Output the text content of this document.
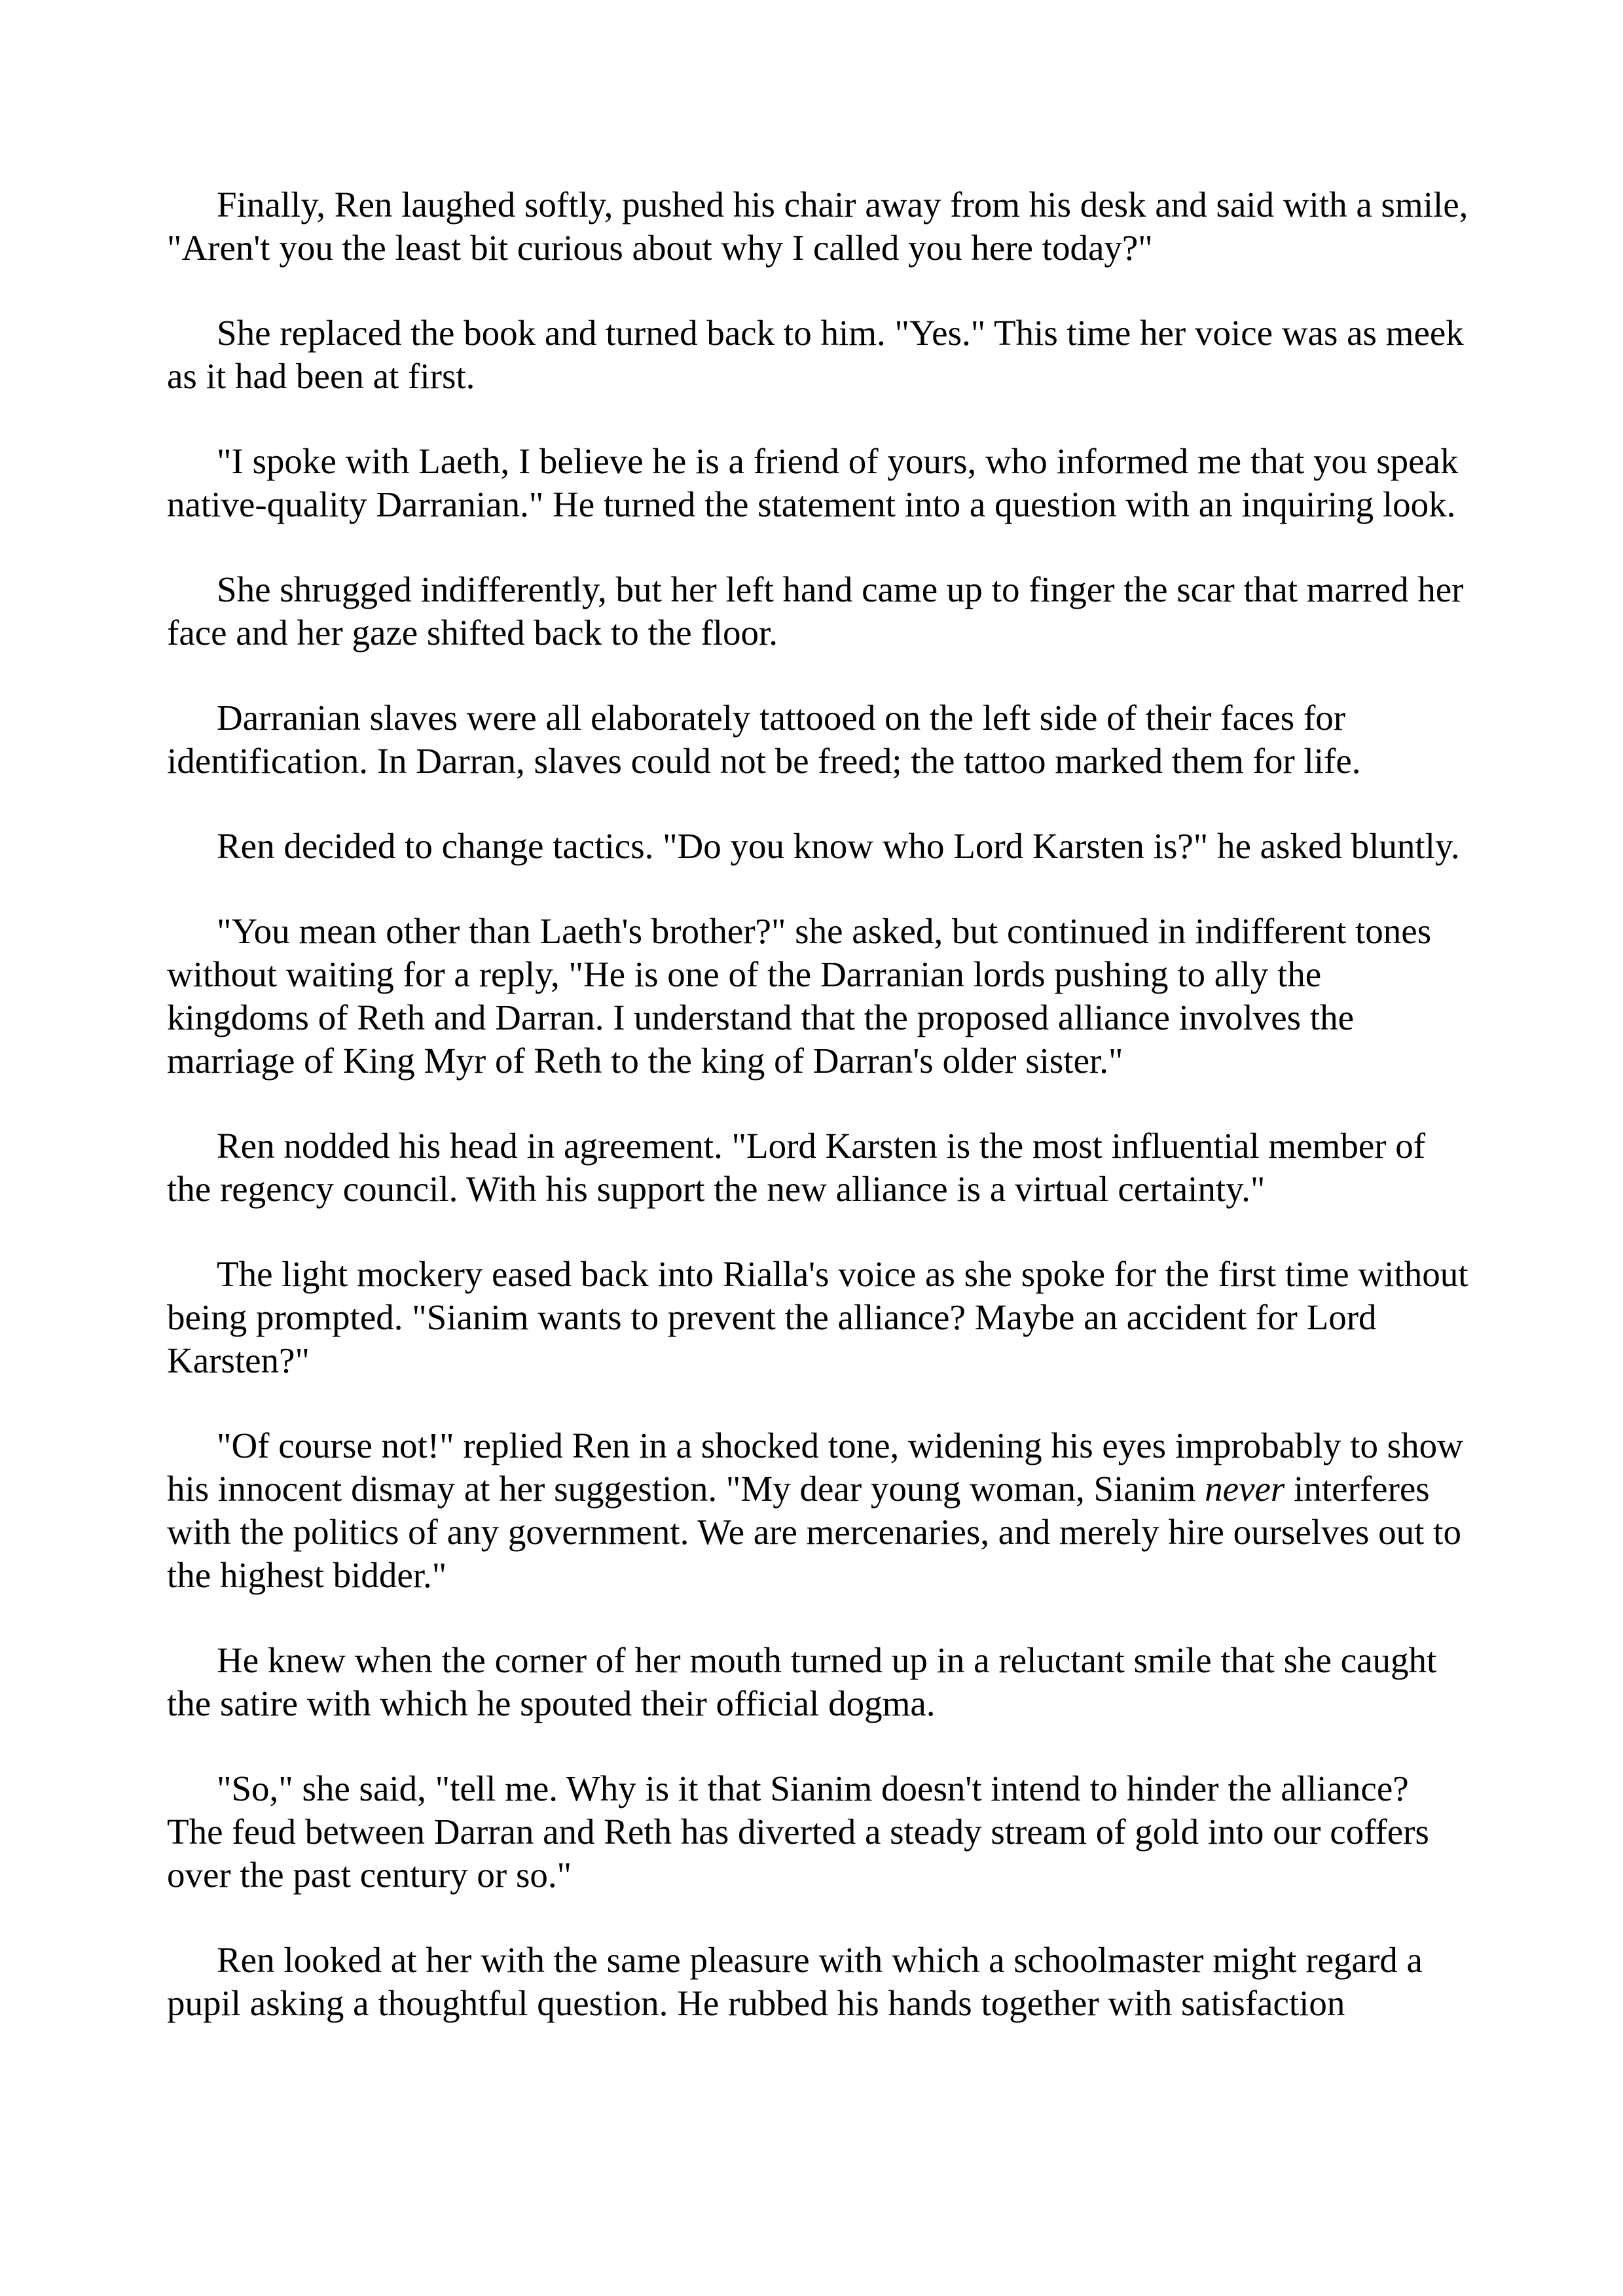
Finally, Ren laughed softly, pushed his chair away from his desk and said with a smile, "Aren't you the least bit curious about why I called you here today?"

She replaced the book and turned back to him. "Yes." This time her voice was as meek as it had been at first.

"I spoke with Laeth, I believe he is a friend of yours, who informed me that you speak native-quality Darranian." He turned the statement into a question with an inquiring look.

She shrugged indifferently, but her left hand came up to finger the scar that marred her face and her gaze shifted back to the floor.

Darranian slaves were all elaborately tattooed on the left side of their faces for identification. In Darran, slaves could not be freed; the tattoo marked them for life.

Ren decided to change tactics. "Do you know who Lord Karsten is?" he asked bluntly.

"You mean other than Laeth's brother?" she asked, but continued in indifferent tones without waiting for a reply, "He is one of the Darranian lords pushing to ally the kingdoms of Reth and Darran. I understand that the proposed alliance involves the marriage of King Myr of Reth to the king of Darran's older sister."

Ren nodded his head in agreement. "Lord Karsten is the most influential member of the regency council. With his support the new alliance is a virtual certainty."

The light mockery eased back into Rialla's voice as she spoke for the first time without being prompted. "Sianim wants to prevent the alliance? Maybe an accident for Lord Karsten?"

"Of course not!" replied Ren in a shocked tone, widening his eyes improbably to show his innocent dismay at her suggestion. "My dear young woman, Sianim never interferes with the politics of any government. We are mercenaries, and merely hire ourselves out to the highest bidder."

He knew when the corner of her mouth turned up in a reluctant smile that she caught the satire with which he spouted their official dogma.

"So," she said, "tell me. Why is it that Sianim doesn't intend to hinder the alliance? The feud between Darran and Reth has diverted a steady stream of gold into our coffers over the past century or so."

Ren looked at her with the same pleasure with which a schoolmaster might regard a pupil asking a thoughtful question. He rubbed his hands together with satisfaction
